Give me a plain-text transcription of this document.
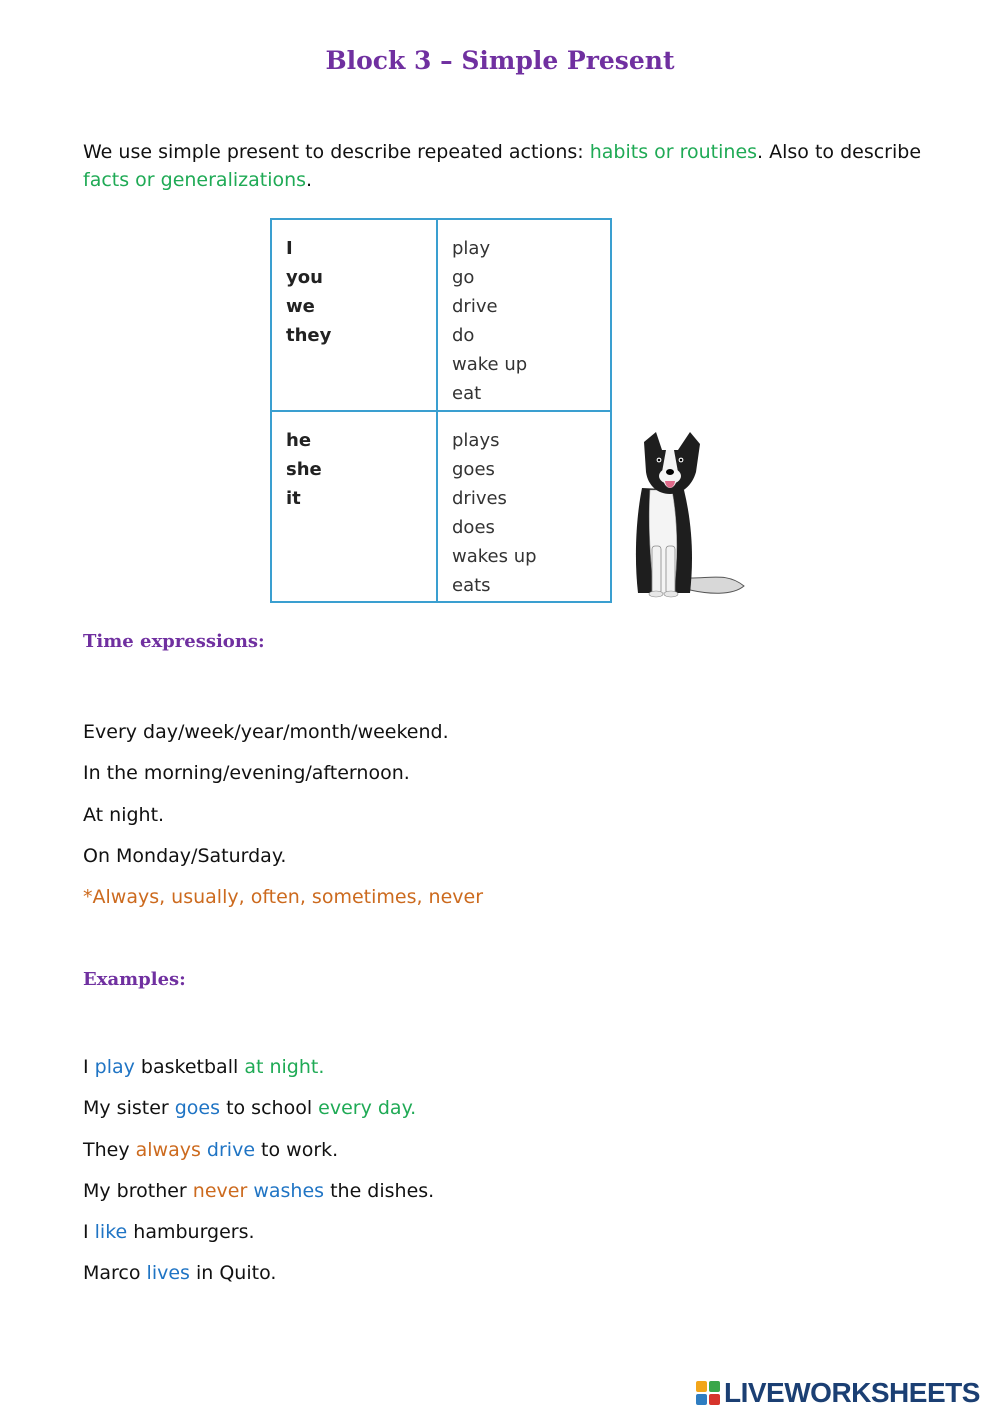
Block 3 – Simple Present

We use simple present to describe repeated actions: habits or routines. Also to describe facts or generalizations.

I
you
we
they
play
go
drive
do
wake up
eat
he
she
it
plays
goes
drives
does
wakes up
eats
Time expressions:
Every day/week/year/month/weekend.
In the morning/evening/afternoon.
At night.
On Monday/Saturday.
*Always, usually, often, sometimes, never
Examples:
I play basketball at night.
My sister goes to school every day.
They always drive to work.
My brother never washes the dishes.
I like hamburgers.
Marco lives in Quito.
LIVEWORKSHEETS
